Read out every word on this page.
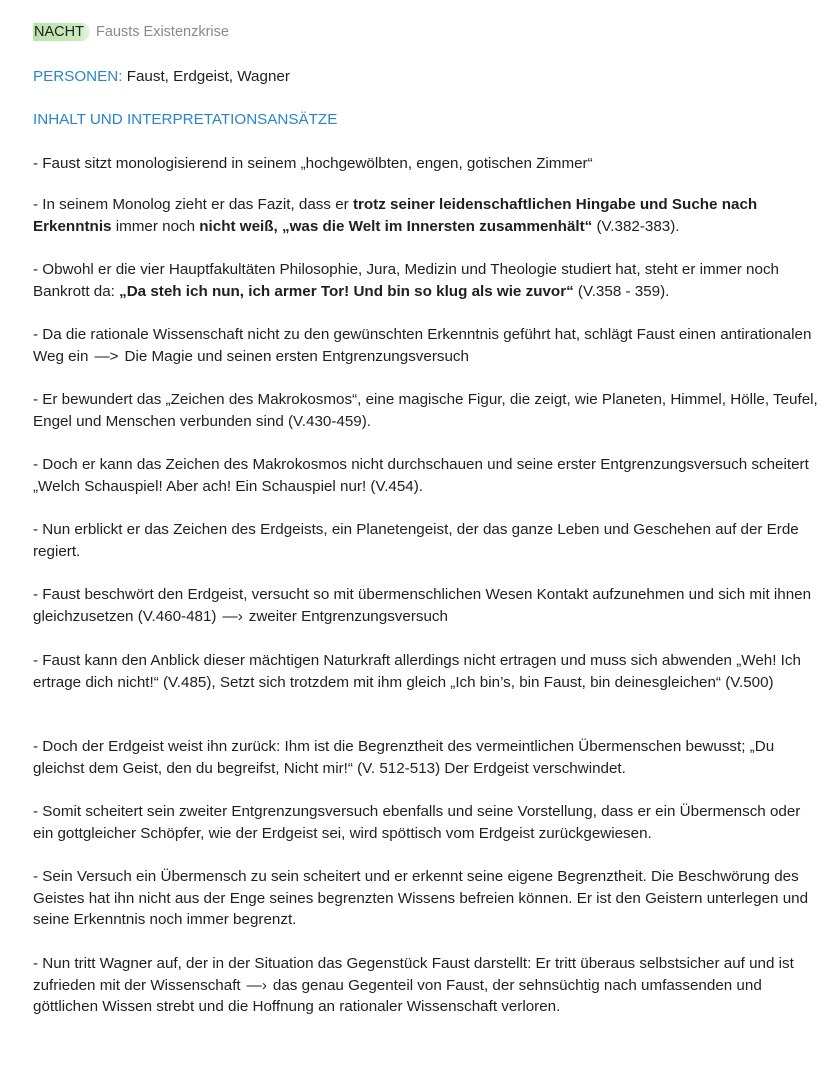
NACHT Fausts Existenzkrise
PERSONEN: Faust, Erdgeist, Wagner
INHALT UND INTERPRETATIONSANSÄTZE

- Faust sitzt monologisierend in seinem „hochgewölbten, engen, gotischen Zimmer“

- In seinem Monolog zieht er das Fazit, dass er trotz seiner leidenschaftlichen Hingabe und Suche nach Erkenntnis immer noch nicht weiß, „was die Welt im Innersten zusammenhält“ (V.382-383).

- Obwohl er die vier Hauptfakultäten Philosophie, Jura, Medizin und Theologie studiert hat, steht er immer noch Bankrott da: „Da steh ich nun, ich armer Tor! Und bin so klug als wie zuvor“ (V.358 - 359).

- Da die rationale Wissenschaft nicht zu den gewünschten Erkenntnis geführt hat, schlägt Faust einen antirationalen Weg ein —> Die Magie und seinen ersten Entgrenzungsversuch

- Er bewundert das „Zeichen des Makrokosmos“, eine magische Figur, die zeigt, wie Planeten, Himmel, Hölle, Teufel, Engel und Menschen verbunden sind (V.430-459).

- Doch er kann das Zeichen des Makrokosmos nicht durchschauen und seine erster Entgrenzungsversuch scheitert „Welch Schauspiel! Aber ach! Ein Schauspiel nur! (V.454).

- Nun erblickt er das Zeichen des Erdgeists, ein Planetengeist, der das ganze Leben und Geschehen auf der Erde regiert.

- Faust beschwört den Erdgeist, versucht so mit übermenschlichen Wesen Kontakt aufzunehmen und sich mit ihnen gleichzusetzen (V.460-481) —› zweiter Entgrenzungsversuch

- Faust kann den Anblick dieser mächtigen Naturkraft allerdings nicht ertragen und muss sich abwenden „Weh! Ich ertrage dich nicht!“ (V.485), Setzt sich trotzdem mit ihm gleich „Ich bin’s, bin Faust, bin deinesgleichen“ (V.500)

- Doch der Erdgeist weist ihn zurück: Ihm ist die Begrenztheit des vermeintlichen Übermenschen bewusst; „Du gleichst dem Geist, den du begreifst, Nicht mir!“ (V. 512-513) Der Erdgeist verschwindet.

- Somit scheitert sein zweiter Entgrenzungsversuch ebenfalls und seine Vorstellung, dass er ein Übermensch oder ein gottgleicher Schöpfer, wie der Erdgeist sei, wird spöttisch vom Erdgeist zurückgewiesen.

- Sein Versuch ein Übermensch zu sein scheitert und er erkennt seine eigene Begrenztheit. Die Beschwörung des Geistes hat ihn nicht aus der Enge seines begrenzten Wissens befreien können. Er ist den Geistern unterlegen und seine Erkenntnis noch immer begrenzt.

- Nun tritt Wagner auf, der in der Situation das Gegenstück Faust darstellt: Er tritt überaus selbstsicher auf und ist zufrieden mit der Wissenschaft —› das genau Gegenteil von Faust, der sehnsüchtig nach umfassenden und göttlichen Wissen strebt und die Hoffnung an rationaler Wissenschaft verloren.
